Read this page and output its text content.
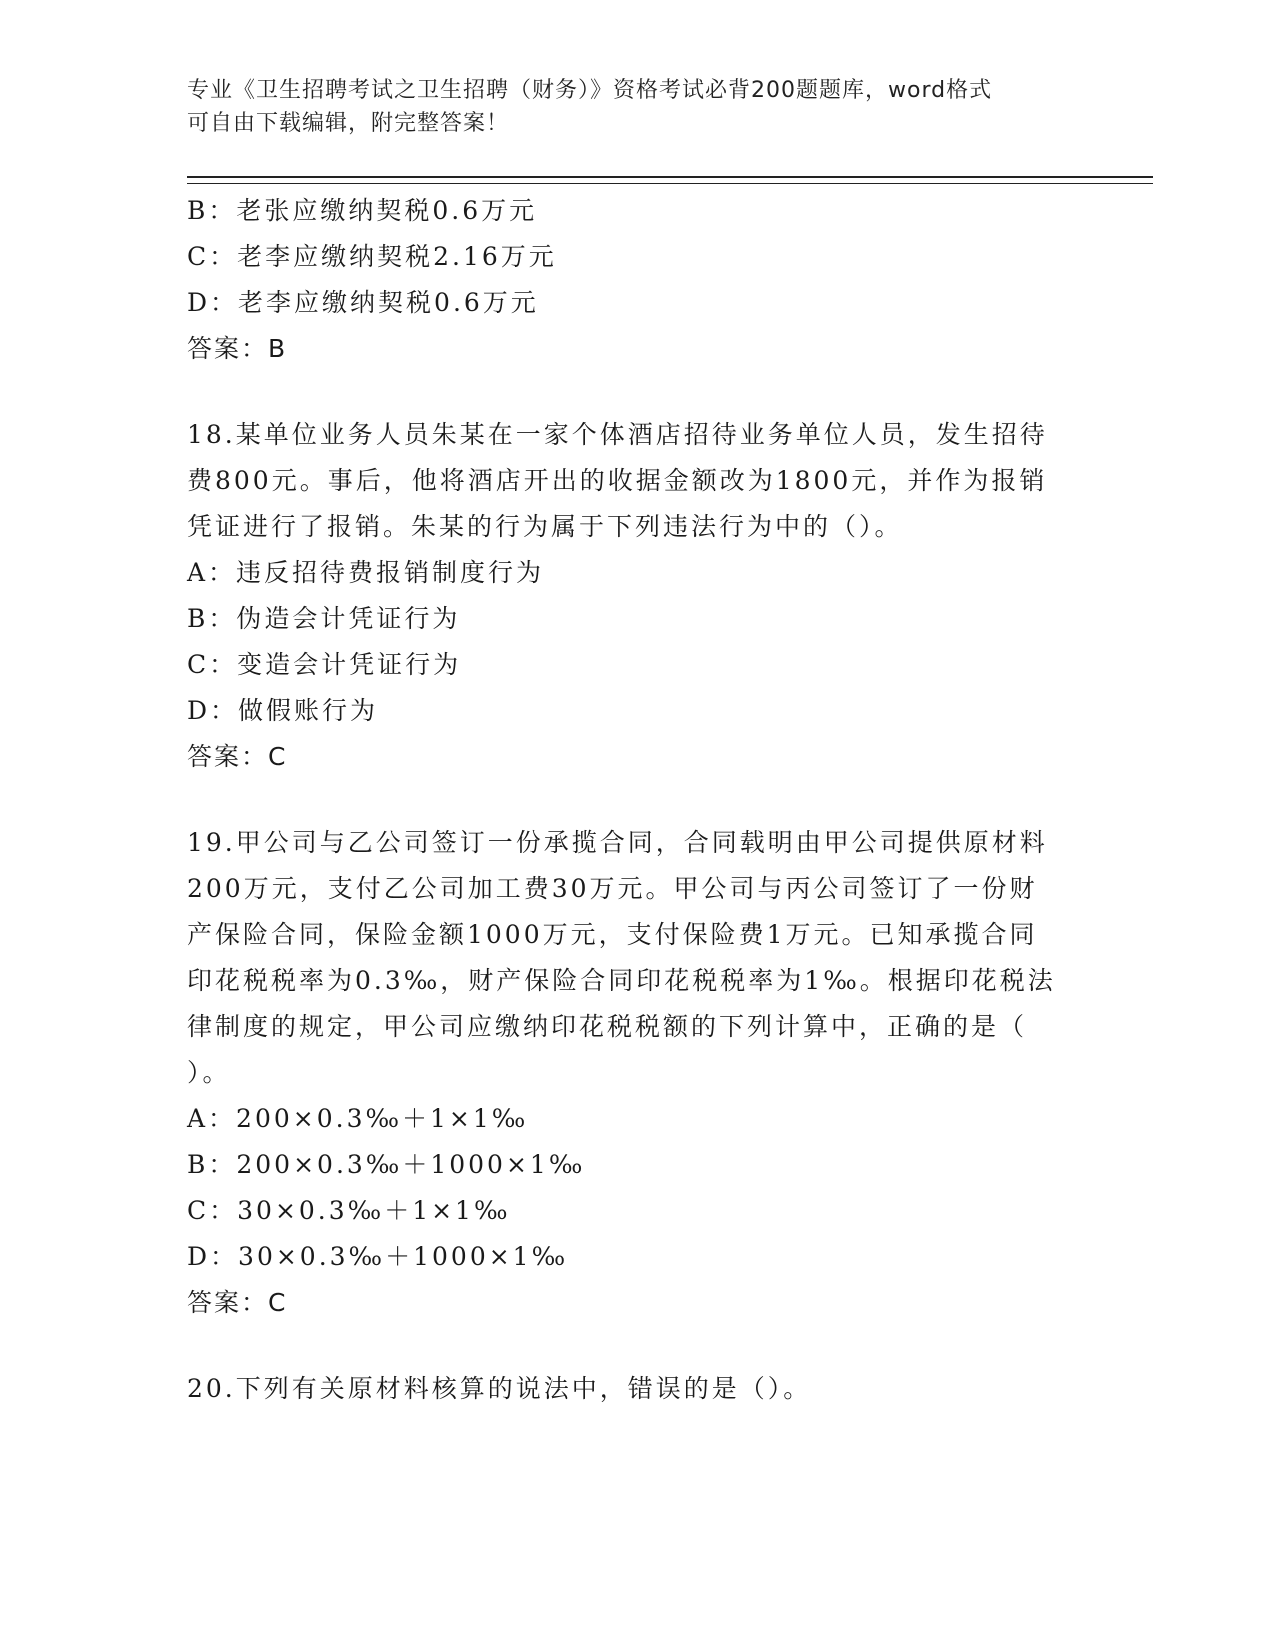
专业《卫生招聘考试之卫生招聘（财务）》资格考试必背200题题库，word格式
可自由下载编辑，附完整答案！
B：老张应缴纳契税0.6万元
C：老李应缴纳契税2.16万元
D：老李应缴纳契税0.6万元
答案：B
18.某单位业务人员朱某在一家个体酒店招待业务单位人员，发生招待
费800元。事后，他将酒店开出的收据金额改为1800元，并作为报销
凭证进行了报销。朱某的行为属于下列违法行为中的（）。
A：违反招待费报销制度行为
B：伪造会计凭证行为
C：变造会计凭证行为
D：做假账行为
答案：C
19.甲公司与乙公司签订一份承揽合同，合同载明由甲公司提供原材料
200万元，支付乙公司加工费30万元。甲公司与丙公司签订了一份财
产保险合同，保险金额1000万元，支付保险费1万元。已知承揽合同
印花税税率为0.3‰，财产保险合同印花税税率为1‰。根据印花税法
律制度的规定，甲公司应缴纳印花税税额的下列计算中，正确的是（
）。
A：200×0.3‰＋1×1‰
B：200×0.3‰＋1000×1‰
C：30×0.3‰＋1×1‰
D：30×0.3‰＋1000×1‰
答案：C
20.下列有关原材料核算的说法中，错误的是（）。
